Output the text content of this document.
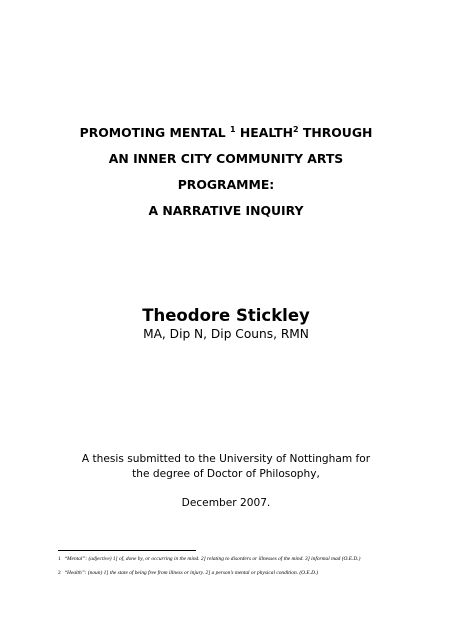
PROMOTING MENTAL $^1$ HEALTH$^2$ THROUGH
AN INNER CITY COMMUNITY ARTS
PROGRAMME:
A NARRATIVE INQUIRY
Theodore Stickley
MA, Dip N, Dip Couns, RMN
A thesis submitted to the University of Nottingham for
the degree of Doctor of Philosophy,
December 2007.
1 “Mental”: (adjective) 1] of, done by, or occurring in the mind. 2] relating to disorders or illnesses of the mind. 3] informal mad (O.E.D.)
2 “Health”: (noun) 1] the state of being free from illness or injury. 2] a person’s mental or physical condition. (O.E.D.)
